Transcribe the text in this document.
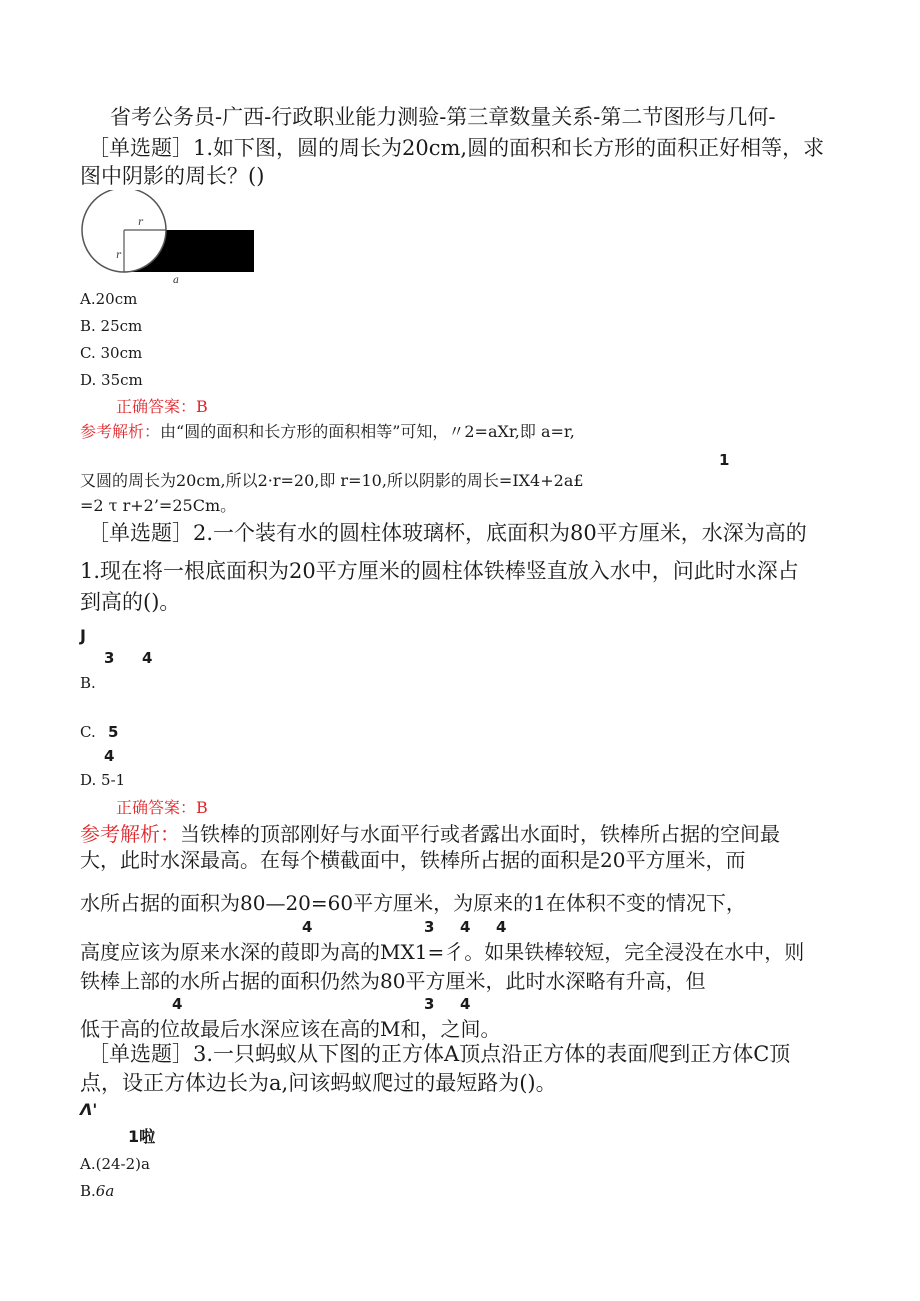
省考公务员-广西-行政职业能力测验-第三章数量关系-第二节图形与几何-
［单选题］1.如下图，圆的周长为20cm,圆的面积和长方形的面积正好相等，求
图中阴影的周长？()
r
r
a
A.20cm
B. 25cm
C. 30cm
D. 35cm
正确答案：B
参考解析：由“圆的面积和长方形的面积相等”可知，〃2=aXr,即 a=r,
1
又圆的周长为20cm,所以2·r=20,即 r=10,所以阴影的周长=IX4+2a£
=2 τ r+2’=25Cm。
［单选题］2.一个装有水的圆柱体玻璃杯，底面积为80平方厘米，水深为高的
1.现在将一根底面积为20平方厘米的圆柱体铁棒竖直放入水中，问此时水深占
到高的()。
J
3 4
B.
C. 5
4
D. 5-1
正确答案：B
参考解析：当铁棒的顶部刚好与水面平行或者露出水面时，铁棒所占据的空间最
大，此时水深最高。在每个横截面中，铁棒所占据的面积是20平方厘米，而
水所占据的面积为80—20=60平方厘米，为原来的1在体积不变的情况下，
4	3 4 4
高度应该为原来水深的葭即为高的MX1=彳。如果铁棒较短，完全浸没在水中，则
铁棒上部的水所占据的面积仍然为80平方厘米，此时水深略有升高，但
4	3 4
低于高的位故最后水深应该在高的M和，之间。
［单选题］3.一只蚂蚁从下图的正方体A顶点沿正方体的表面爬到正方体C顶
点，设正方体边长为a,问该蚂蚁爬过的最短路为()。
Λ'
1啦
A.(24-2)a
B.6a
